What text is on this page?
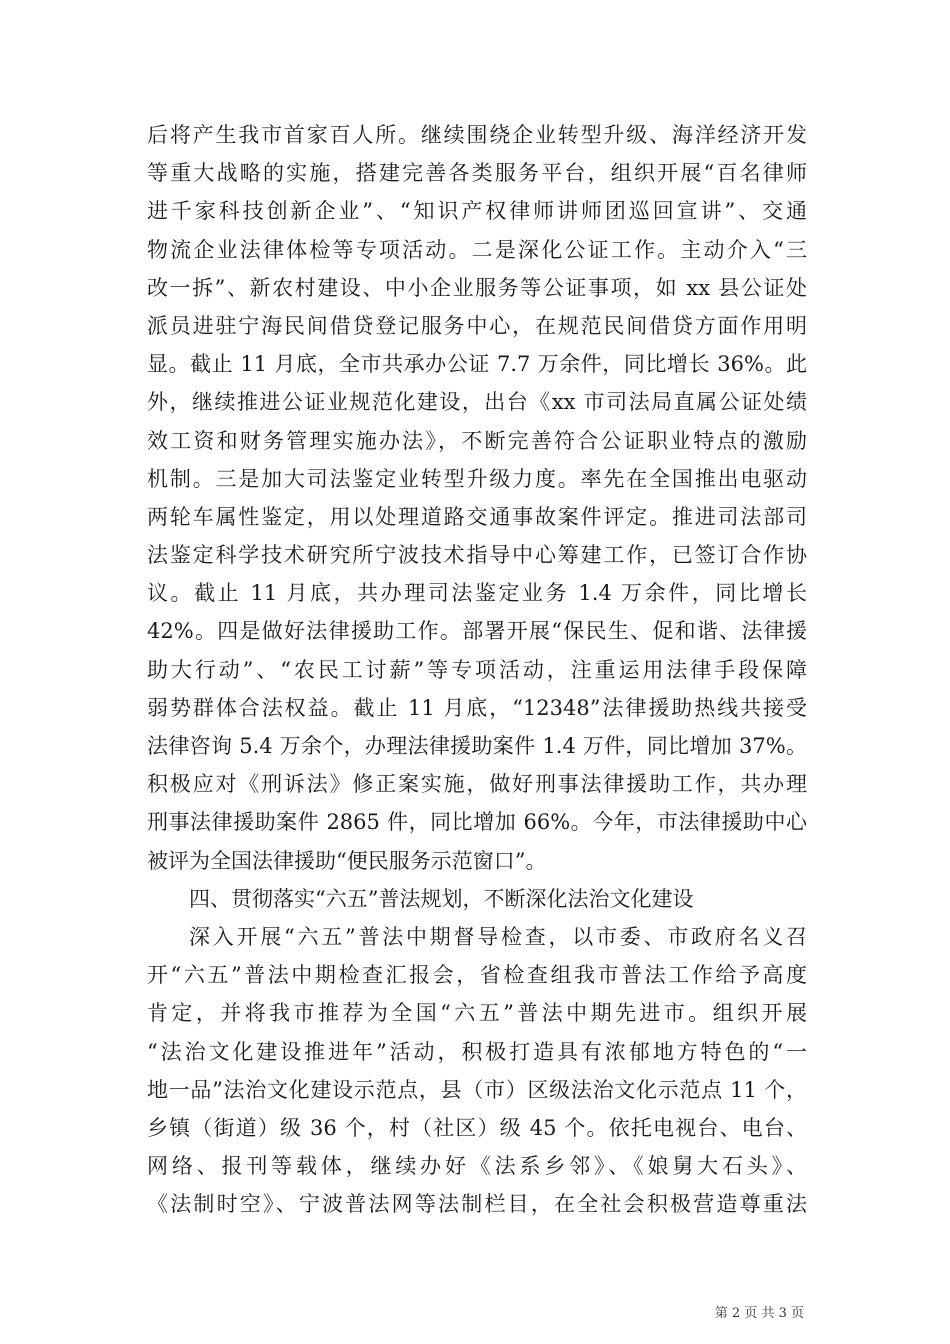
后将产生我市首家百人所。继续围绕企业转型升级、海洋经济开发
等重大战略的实施，搭建完善各类服务平台，组织开展“百名律师
进千家科技创新企业”、“知识产权律师讲师团巡回宣讲”、交通
物流企业法律体检等专项活动。二是深化公证工作。主动介入“三
改一拆”、新农村建设、中小企业服务等公证事项，如 xx 县公证处
派员进驻宁海民间借贷登记服务中心，在规范民间借贷方面作用明
显。截止 11 月底，全市共承办公证 7.7 万余件，同比增长 36%。此
外，继续推进公证业规范化建设，出台《xx 市司法局直属公证处绩
效工资和财务管理实施办法》，不断完善符合公证职业特点的激励
机制。三是加大司法鉴定业转型升级力度。率先在全国推出电驱动
两轮车属性鉴定，用以处理道路交通事故案件评定。推进司法部司
法鉴定科学技术研究所宁波技术指导中心筹建工作，已签订合作协
议。截止 11 月底，共办理司法鉴定业务 1.4 万余件，同比增长
42%。四是做好法律援助工作。部署开展“保民生、促和谐、法律援
助大行动”、“农民工讨薪”等专项活动，注重运用法律手段保障
弱势群体合法权益。截止 11 月底，“12348”法律援助热线共接受
法律咨询 5.4 万余个，办理法律援助案件 1.4 万件，同比增加 37%。
积极应对《刑诉法》修正案实施，做好刑事法律援助工作，共办理
刑事法律援助案件 2865 件，同比增加 66%。今年，市法律援助中心
被评为全国法律援助“便民服务示范窗口”。
四、贯彻落实“六五”普法规划，不断深化法治文化建设
深入开展“六五”普法中期督导检查，以市委、市政府名义召
开“六五”普法中期检查汇报会，省检查组我市普法工作给予高度
肯定，并将我市推荐为全国“六五”普法中期先进市。组织开展
“法治文化建设推进年”活动，积极打造具有浓郁地方特色的“一
地一品”法治文化建设示范点，县（市）区级法治文化示范点 11 个，
乡镇（街道）级 36 个，村（社区）级 45 个。依托电视台、电台、
网络、报刊等载体，继续办好《法系乡邻》、《娘舅大石头》、
《法制时空》、宁波普法网等法制栏目，在全社会积极营造尊重法
第 2 页 共 3 页
